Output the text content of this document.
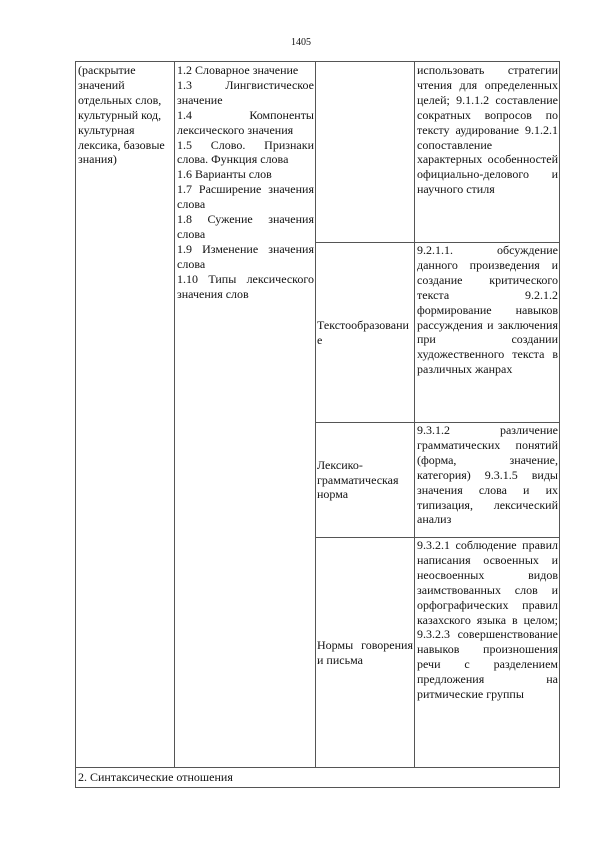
1405

(раскрытие значений отдельных слов, культурный код, культурная лексика, базовые знания)

1.2 Словарное значение

1.3	Лингвистическое значение

1.4	Компоненты лексического значения

1.5 Слово. Признаки слова. Функция слова

1.6 Варианты слов

1.7 Расширение значения слова

1.8 Сужение значения слова

1.9 Изменение значения слова

1.10 Типы лексического значения слов

Текстообразование

Лексико-грамматическая норма

Нормы говорения и письма

использовать стратегии чтения для определенных целей; 9.1.1.2 составление сократных вопросов по тексту аудирование 9.1.2.1 сопоставление характерных особенностей официально-делового и научного стиля

9.2.1.1. обсуждение данного произведения и создание критического текста 9.2.1.2 формирование навыков рассуждения и заключения при создании художественного текста в различных жанрах

9.3.1.2 различение грамматических понятий (форма, значение, категория) 9.3.1.5 виды значения слова и их типизация, лексический анализ

9.3.2.1 соблюдение правил написания освоенных и неосвоенных видов заимствованных слов и орфографических правил казахского языка в целом; 9.3.2.3 совершенствование навыков произношения речи с разделением предложения на ритмические группы

2. Синтаксические отношения
